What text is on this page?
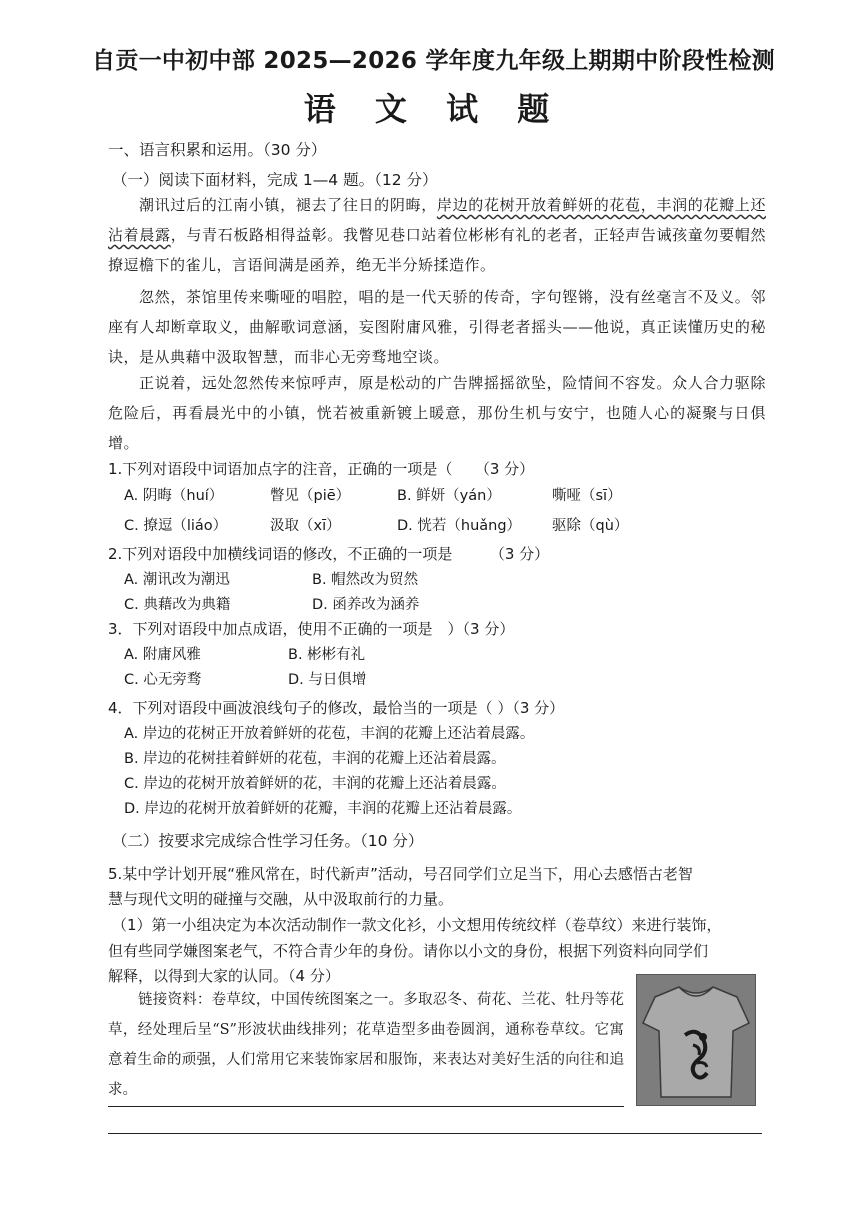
自贡一中初中部 2025—2026 学年度九年级上期期中阶段性检测
语 文 试 题
一、语言积累和运用。（30 分）
（一）阅读下面材料，完成 1—4 题。（12 分）
潮讯过后的江南小镇，褪去了往日的阴晦，岸边的花树开放着鲜妍的花苞，丰润的花瓣上还沾着晨露，与青石板路相得益彰。我瞥见巷口站着位彬彬有礼的老者，正轻声告诫孩童勿要帽然撩逗檐下的雀儿，言语间满是函养，绝无半分矫揉造作。
忽然，茶馆里传来嘶哑的唱腔，唱的是一代天骄的传奇，字句铿锵，没有丝毫言不及义。邻座有人却断章取义，曲解歌词意涵，妄图附庸风雅，引得老者摇头——他说，真正读懂历史的秘诀，是从典藉中汲取智慧，而非心无旁骛地空谈。
正说着，远处忽然传来惊呼声，原是松动的广告牌摇摇欲坠，险情间不容发。众人合力驱除危险后，再看晨光中的小镇，恍若被重新镀上暖意，那份生机与安宁，也随人心的凝聚与日俱增。
1.下列对语段中词语加点字的注音，正确的一项是（　　（3 分）
A. 阴晦（huí）	瞥见（piē）	B. 鲜妍（yán）	嘶哑（sī）
C. 撩逗（liáo）	汲取（xī）	D. 恍若（huǎng） 驱除（qù）
2.下列对语段中加横线词语的修改，不正确的一项是　　　（3 分）
A. 潮讯改为潮迅	B. 帽然改为贸然
C. 典藉改为典籍	D. 函养改为涵养
3．下列对语段中加点成语，使用不正确的一项是　）（3 分）
A. 附庸风雅	B. 彬彬有礼
C. 心无旁骛	D. 与日俱增
4．下列对语段中画波浪线句子的修改，最恰当的一项是（ ）（3 分）
A. 岸边的花树正开放着鲜妍的花苞，丰润的花瓣上还沾着晨露。
B. 岸边的花树挂着鲜妍的花苞，丰润的花瓣上还沾着晨露。
C. 岸边的花树开放着鲜妍的花，丰润的花瓣上还沾着晨露。
D. 岸边的花树开放着鲜妍的花瓣，丰润的花瓣上还沾着晨露。
（二）按要求完成综合性学习任务。（10 分）
5.某中学计划开展“雅风常在，时代新声”活动，号召同学们立足当下，用心去感悟古老智
慧与现代文明的碰撞与交融，从中汲取前行的力量。
（1）第一小组决定为本次活动制作一款文化衫，小文想用传统纹样（卷草纹）来进行装饰，
但有些同学嫌图案老气，不符合青少年的身份。请你以小文的身份，根据下列资料向同学们
解释，以得到大家的认同。（4 分）
链接资料：卷草纹，中国传统图案之一。多取忍冬、荷花、兰花、牡丹等花草，经处理后呈“S”形波状曲线排列；花草造型多曲卷圆润，通称卷草纹。它寓意着生命的顽强，人们常用它来装饰家居和服饰，来表达对美好生活的向往和追求。
